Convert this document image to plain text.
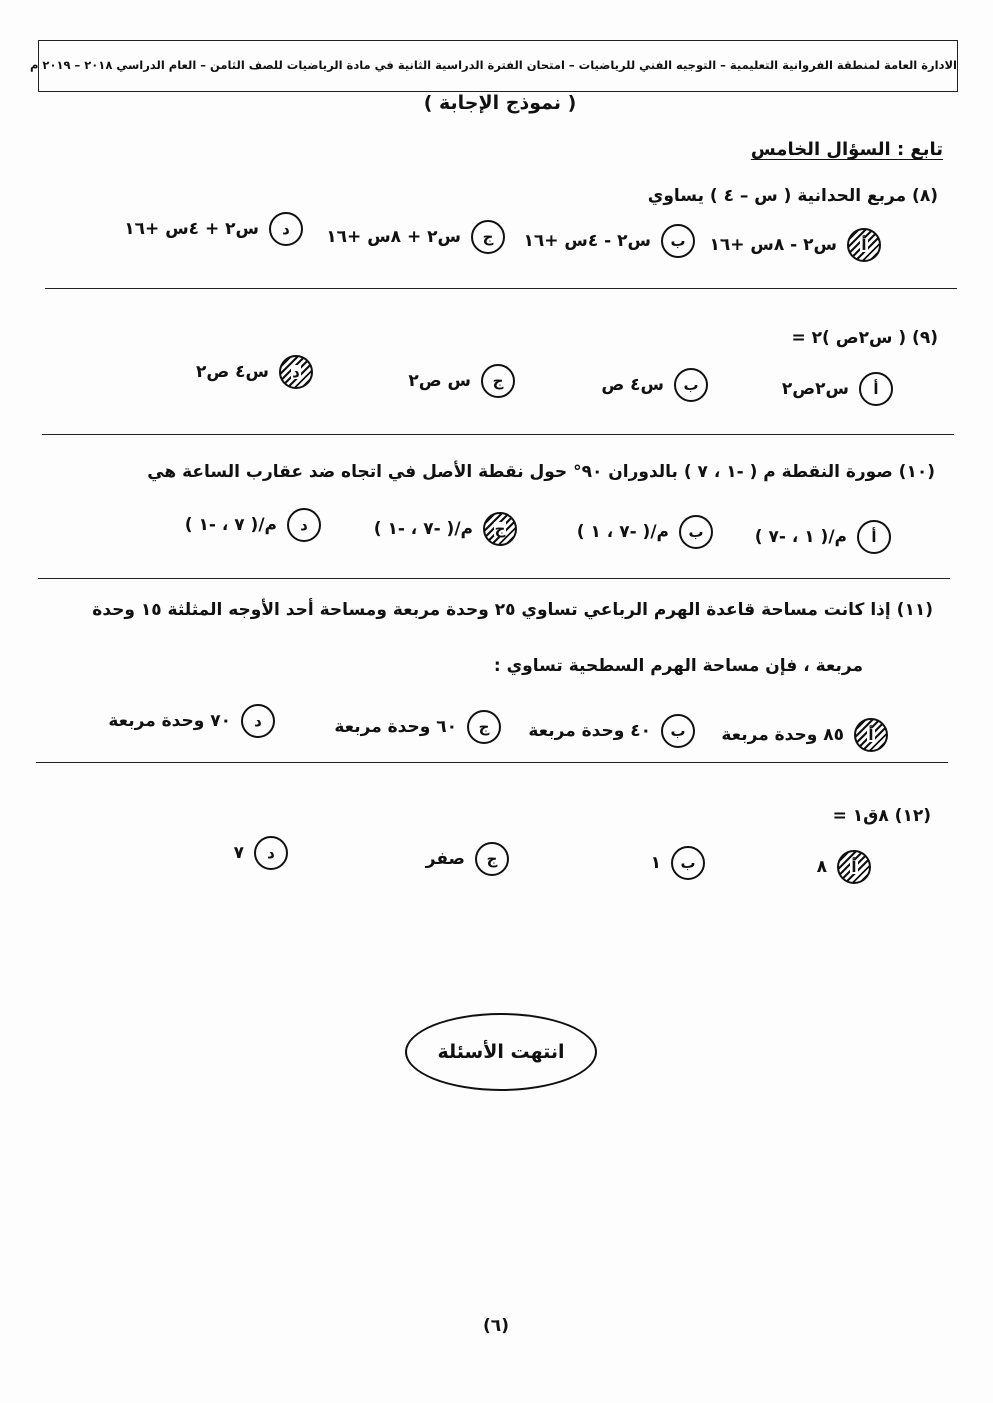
الادارة العامة لمنطقة الفروانية التعليمية – التوجيه الفني للرياضيات – امتحان الفترة الدراسية الثانية في مادة الرياضيات للصف الثامن – العام الدراسي ٢٠١٨ – ٢٠١٩ م
( نموذج الإجابة )
تابع : السؤال الخامس
(٨) مربع الحدانية ( س – ٤ ) يساوي
أ
س٢ - ٨س +١٦
ب
س٢ - ٤س +١٦
ج
س٢ + ٨س +١٦
د
س٢ + ٤س +١٦
(٩) ( س٢ص )٢ =
أ
س٢ص٢
ب
س٤ ص
ج
س ص٢
د
س٤ ص٢
(١٠) صورة النقطة م ( -١ ، ٧ ) بالدوران ٩٠° حول نقطة الأصل في اتجاه ضد عقارب الساعة هي
أ
م/( ١ ، -٧ )
ب
م/( -٧ ، ١ )
ج
م/( -٧ ، -١ )
د
م/( ٧ ، -١ )
(١١) إذا كانت مساحة قاعدة الهرم الرباعي تساوي ٢٥ وحدة مربعة ومساحة أحد الأوجه المثلثة ١٥ وحدة
مربعة ، فإن مساحة الهرم السطحية تساوي :
أ
٨٥ وحدة مربعة
ب
٤٠ وحدة مربعة
ج
٦٠ وحدة مربعة
د
٧٠ وحدة مربعة
(١٢) ٨ق١ =
أ
٨
ب
١
ج
صفر
د
٧
انتهت الأسئلة
(٦)
